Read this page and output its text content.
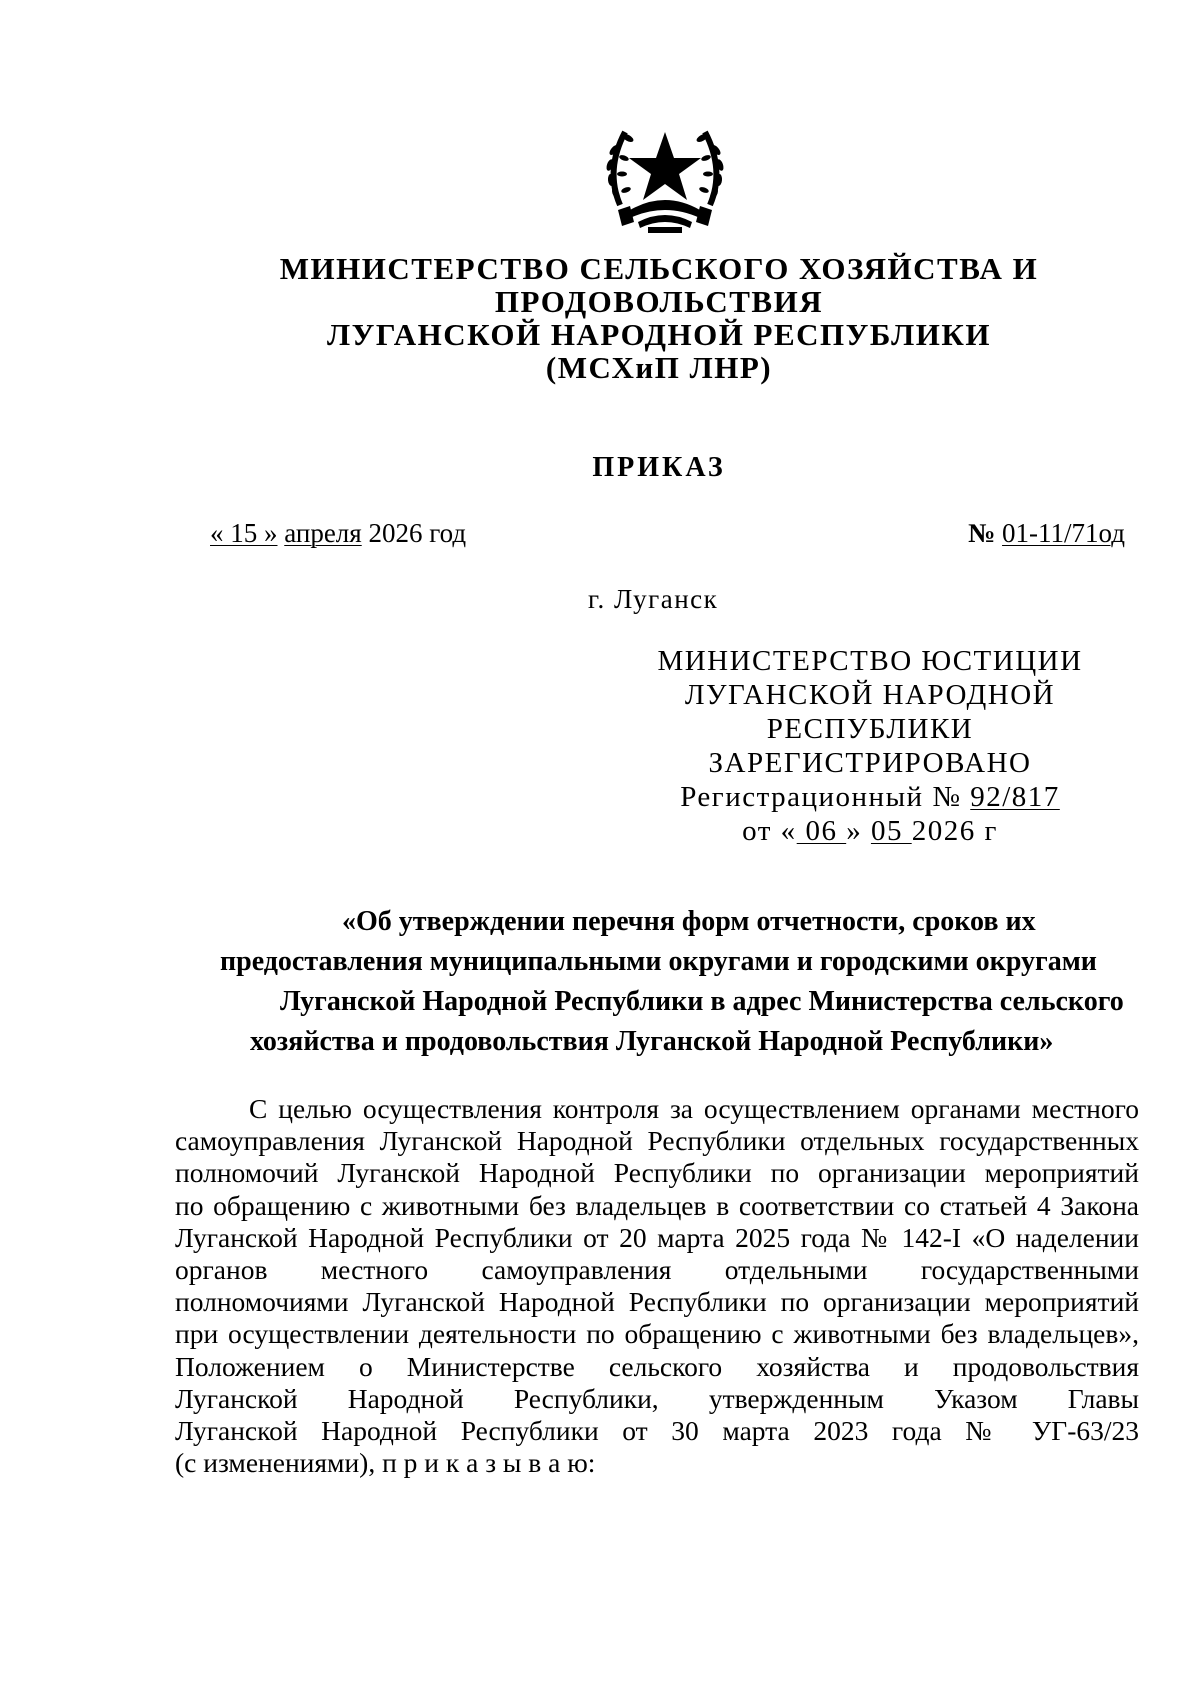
МИНИСТЕРСТВО СЕЛЬСКОГО ХОЗЯЙСТВА И
ПРОДОВОЛЬСТВИЯ
ЛУГАНСКОЙ НАРОДНОЙ РЕСПУБЛИКИ
(МСХиП ЛНР)
ПРИКАЗ
« 15 » апреля 2026 год	№ 01-11/71од
г. Луганск
МИНИСТЕРСТВО ЮСТИЦИИ
ЛУГАНСКОЙ НАРОДНОЙ
РЕСПУБЛИКИ
ЗАРЕГИСТРИРОВАНО
Регистрационный № 92/817
от « 06 » 05 2026 г
«Об утверждении перечня форм отчетности, сроков их
предоставления муниципальными округами и городскими округами
Луганской Народной Республики в адрес Министерства сельского
хозяйства и продовольствия Луганской Народной Республики»
С целью осуществления контроля за осуществлением органами местного
самоуправления Луганской Народной Республики отдельных государственных
полномочий Луганской Народной Республики по организации мероприятий
по обращению с животными без владельцев в соответствии со статьей 4 Закона
Луганской Народной Республики от 20 марта 2025 года № 142-I «О наделении
органов местного самоуправления отдельными государственными
полномочиями Луганской Народной Республики по организации мероприятий
при осуществлении деятельности по обращению с животными без владельцев»,
Положением о Министерстве сельского хозяйства и продовольствия
Луганской Народной Республики, утвержденным Указом Главы
Луганской Народной Республики от 30 марта 2023 года № УГ-63/23
(с изменениями), п р и к а з ы в а ю:
